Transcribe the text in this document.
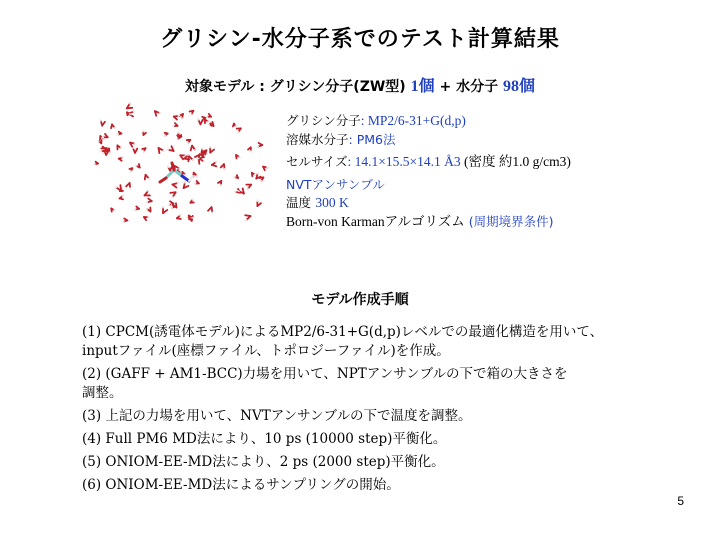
グリシン-水分子系でのテスト計算結果
対象モデル : グリシン分子(ZW型) 1個 + 水分子 98個
グリシン分子: MP2/6-31+G(d,p)
溶媒水分子: PM6法
セルサイズ: 14.1×15.5×14.1 Å3 (密度 約1.0 g/cm3)
NVTアンサンブル
温度 300 K
Born-von Karmanアルゴリズム (周期境界条件)
モデル作成手順
(1) CPCM(誘電体モデル)によるMP2/6-31+G(d,p)レベルでの最適化構造を用いて、
inputファイル(座標ファイル、トポロジーファイル)を作成。
(2) (GAFF + AM1-BCC)力場を用いて、NPTアンサンブルの下で箱の大きさを
調整。
(3) 上記の力場を用いて、NVTアンサンブルの下で温度を調整。
(4) Full PM6 MD法により、10 ps (10000 step)平衡化。
(5) ONIOM-EE-MD法により、2 ps (2000 step)平衡化。
(6) ONIOM-EE-MD法によるサンプリングの開始。
5
